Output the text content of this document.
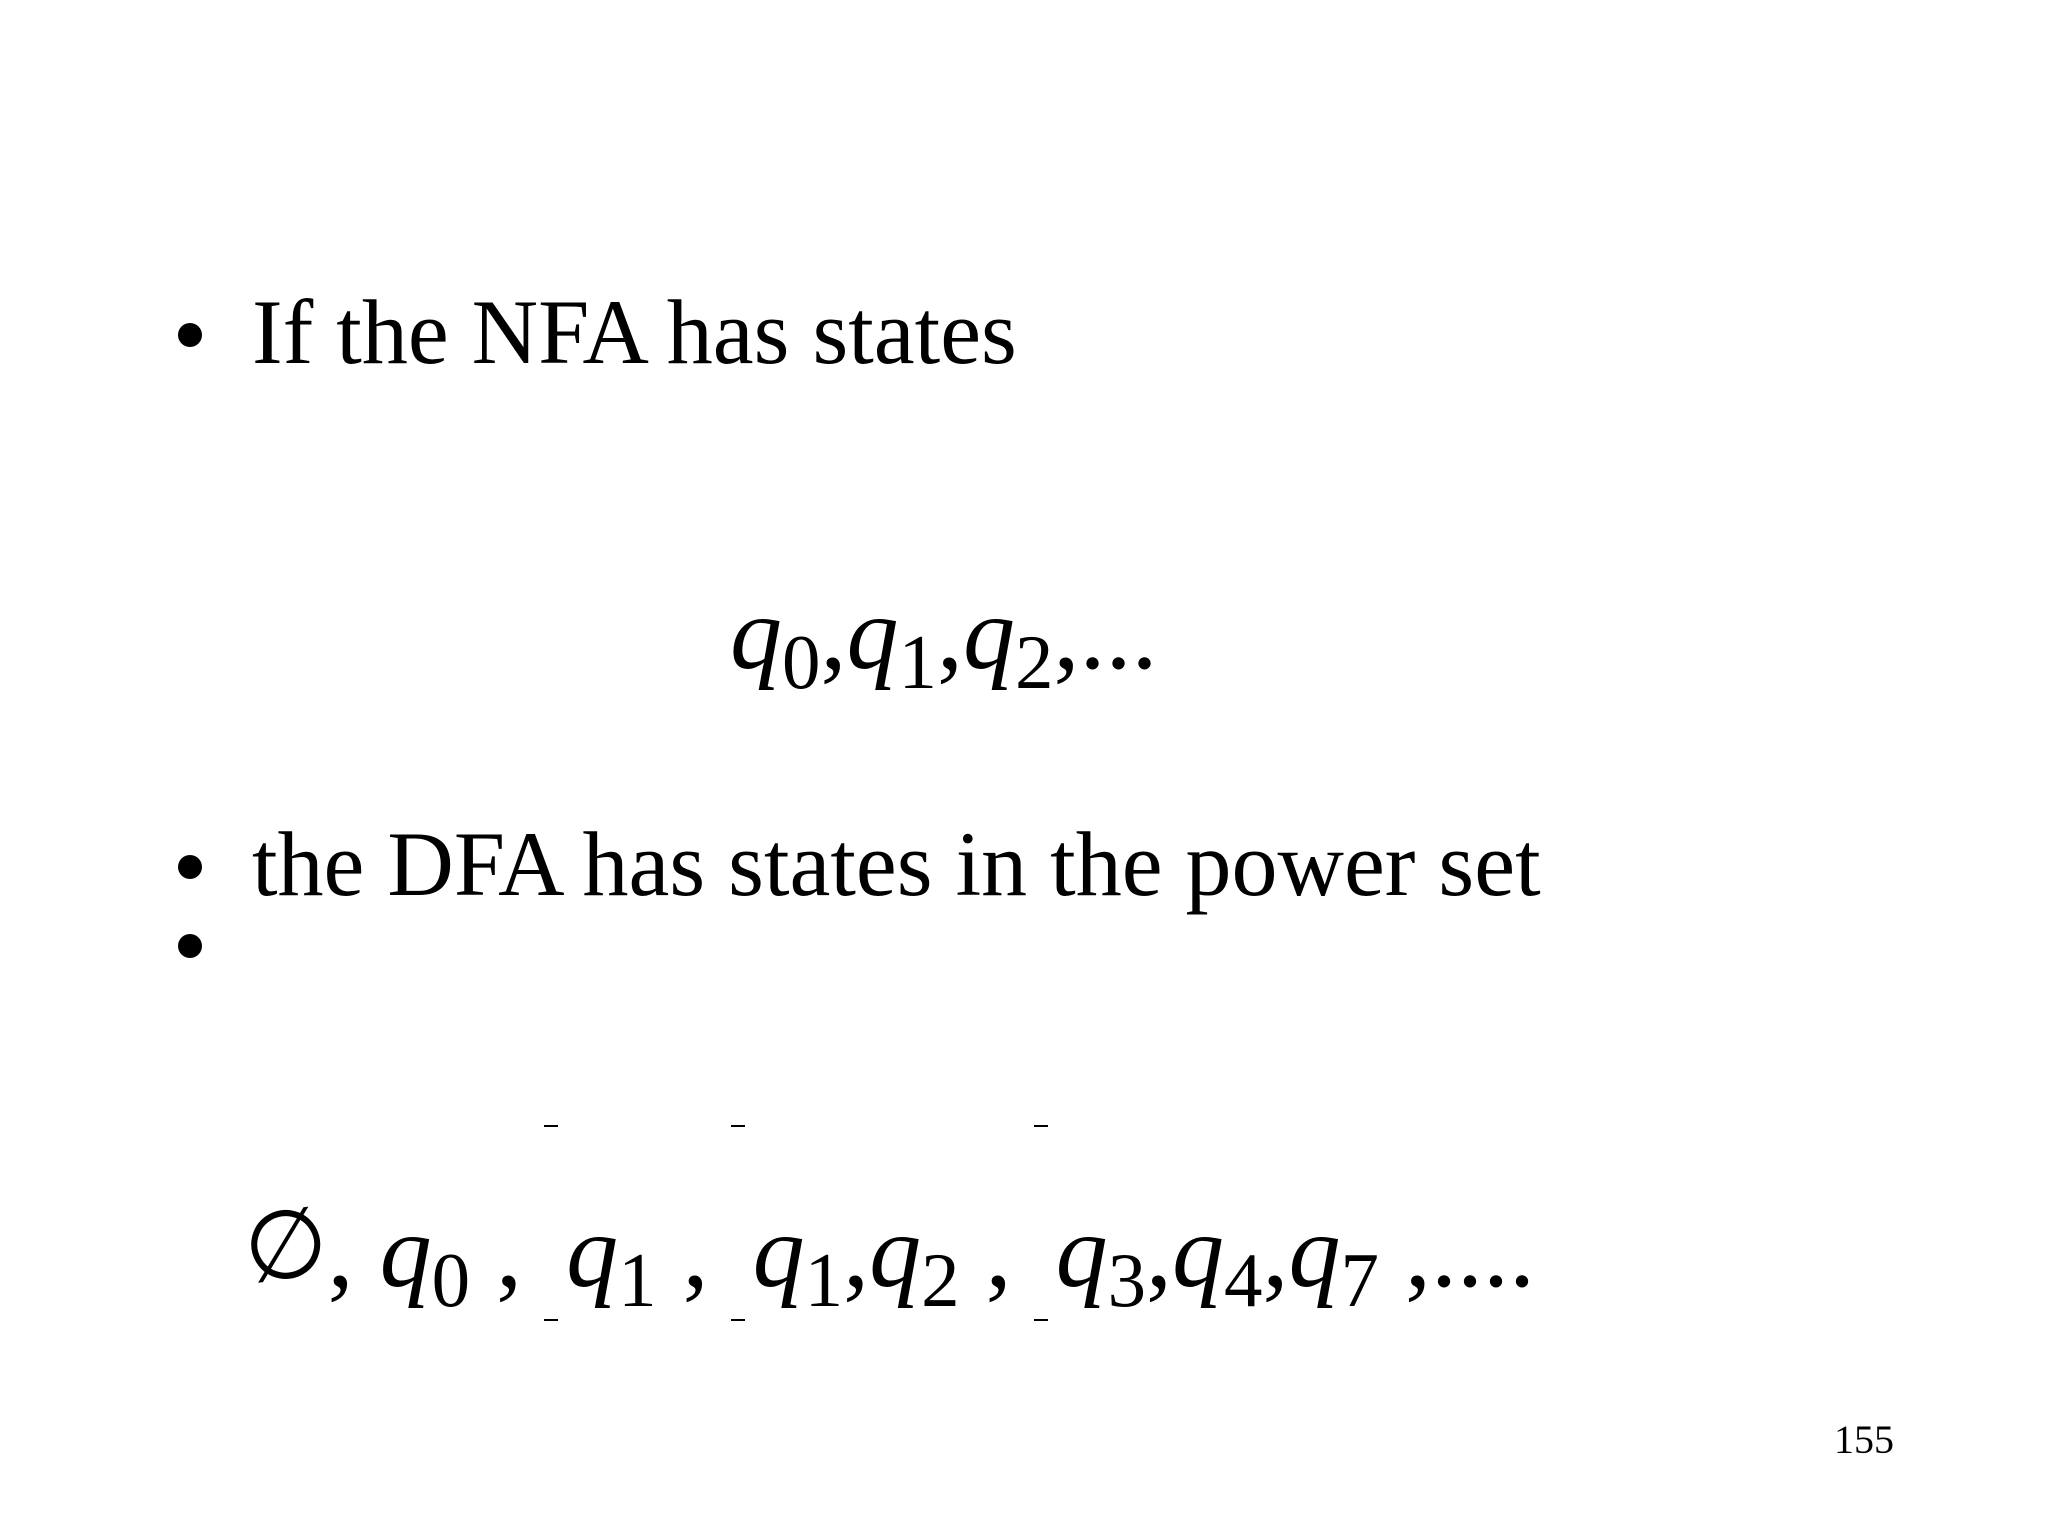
If the NFA has states
q0,q1,q2,...
the DFA has states in the power set
∅, q0 , q1 , q1,q2 , q3,q4,q7 ,....
155
